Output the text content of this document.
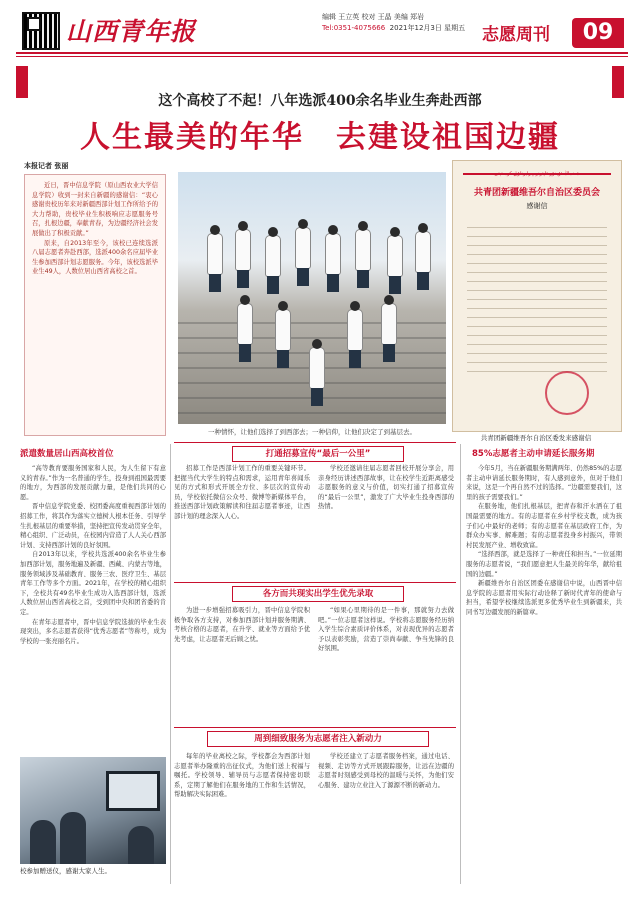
山西青年报	编辑 王立英 校对 王晶 美编 郑岩
Tel:0351-4075666 2021年12月3日 星期五 志愿周刊	09
这个高校了不起！八年选派400余名毕业生奔赴西部
人生最美的年华　去建设祖国边疆
本报记者 张丽

近日，晋中信息学院（原山西农业大学信息学院）收到一封来自新疆的感谢信：“衷心感谢贵校历年来对新疆西部计划工作所给予的大力帮助，贵校毕业生积极响应志愿服务号召，扎根边疆，奉献青春，为边疆经济社会发展做出了积极贡献。”

原来，自2013年至今，该校已连续选派八届志愿者奔赴西部，选派400余名应届毕业生参加西部计划志愿服务。今年，该校选派毕业生49人，人数位居山西省高校之首。

一种情怀，让他们选择了到西部去；一种信仰，让他们决定了到基层去。
共青团新疆维吾尔自治区委员会
感谢信
共青团新疆维吾尔自治区委发来感谢信
派遣数量居山西高校首位	85%志愿者主动申请延长服务期
打通招募宣传“最后一公里”
各方而共现实出学生优先录取
周到细致服务为志愿者注入新动力

“高等教育要服务国家和人民，为人生留下有意义的青春。”作为一名普通的学生，投身到祖国最需要的地方，为西部的发展贡献力量，是他们共同的心愿。

晋中信息学院党委、校团委高度重视西部计划的招募工作，将其作为落实立德树人根本任务、引导学生扎根基层的重要举措，坚持把宣传发动贯穿全年，精心组织、广泛动员，在校园内营造了人人关心西部计划、支持西部计划的良好氛围。

自2013年以来，学校共选派400余名毕业生参加西部计划，服务地遍及新疆、西藏、内蒙古等地，服务领域涉及基础教育、服务三农、医疗卫生、基层青年工作等多个方面。2021年，在学校的精心组织下，全校共有49名毕业生成功入选西部计划，选派人数位居山西省高校之首，受到团中央和团省委的肯定。

在青年志愿者中，晋中信息学院选拔的毕业生表现突出，多名志愿者获得“优秀志愿者”等称号，成为学校的一张亮丽名片。

招募工作是西部计划工作的重要关键环节。把握当代大学生的特点和需求，运用青年喜闻乐见的方式和形式开展全方位、多层次的宣传动员，学校依托微信公众号、微博等新媒体平台，推送西部计划政策解读和往届志愿者事迹，让西部计划的理念深入人心。

学校还邀请往届志愿者回校开展分享会，用亲身经历讲述西部故事，让在校学生近距离感受志愿服务的意义与价值，切实打通了招募宣传的“最后一公里”，激发了广大毕业生投身西部的热情。

为进一步增强招募吸引力，晋中信息学院积极争取各方支持，对参加西部计划并服务期满、考核合格的志愿者，在升学、就业等方面给予优先考虑，让志愿者无后顾之忧。

“如果心里期待的是一件事，那就努力去做吧。”一位志愿者这样说。学校将志愿服务经历纳入学生综合素质评价体系，对表现优异的志愿者予以表彰奖励，营造了崇尚奉献、争当先锋的良好氛围。

每年的毕业离校之际，学校都会为西部计划志愿者举办隆重的出征仪式，为他们送上祝福与嘱托。学校领导、辅导员与志愿者保持密切联系，定期了解他们在服务地的工作和生活情况，帮助解决实际困难。

学校还建立了志愿者服务档案，通过电话、视频、走访等方式开展跟踪服务，让远在边疆的志愿者时刻感受到母校的温暖与关怀，为他们安心服务、建功立业注入了源源不断的新动力。

今年5月，当在新疆服务期满两年、仍然85%的志愿者主动申请延长服务期时，有人感到意外，但对于他们来说，这是一个再自然不过的选择。“边疆需要我们，这里的孩子需要我们。”

在服务地，他们扎根基层，把青春和汗水洒在了祖国最需要的地方。有的志愿者在乡村学校支教，成为孩子们心中最好的老师；有的志愿者在基层政府工作，为群众办实事、解难题；有的志愿者投身乡村振兴，带领村民发展产业、增收致富。

“选择西部，就是选择了一种责任和担当。”一位延期服务的志愿者说，“我们愿意把人生最美的年华，献给祖国的边疆。”

新疆维吾尔自治区团委在感谢信中说，山西晋中信息学院的志愿者用实际行动诠释了新时代青年的使命与担当，希望学校继续选派更多优秀毕业生到新疆来，共同书写边疆发展的新篇章。

校参加赠送仪，感谢大家人生。
